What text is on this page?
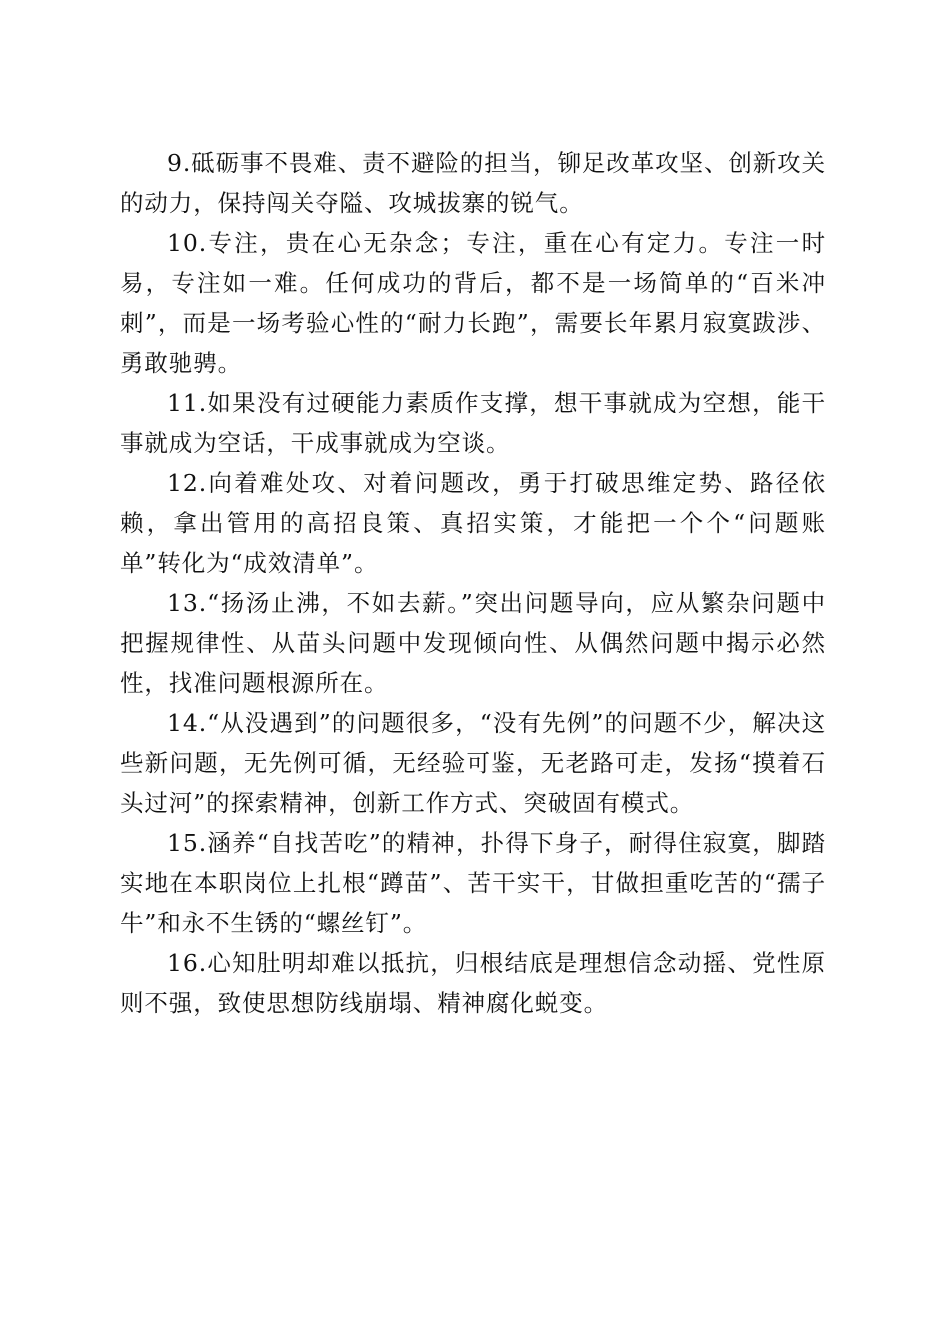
9.砥砺事不畏难、责不避险的担当，铆足改革攻坚、创新攻关的动力，保持闯关夺隘、攻城拔寨的锐气。

10.专注，贵在心无杂念；专注，重在心有定力。专注一时易，专注如一难。任何成功的背后，都不是一场简单的“百米冲刺”，而是一场考验心性的“耐力长跑”，需要长年累月寂寞跋涉、勇敢驰骋。

11.如果没有过硬能力素质作支撑，想干事就成为空想，能干事就成为空话，干成事就成为空谈。

12.向着难处攻、对着问题改，勇于打破思维定势、路径依赖，拿出管用的高招良策、真招实策，才能把一个个“问题账单”转化为“成效清单”。

13.“扬汤止沸，不如去薪。”突出问题导向，应从繁杂问题中把握规律性、从苗头问题中发现倾向性、从偶然问题中揭示必然性，找准问题根源所在。

14.“从没遇到”的问题很多，“没有先例”的问题不少，解决这些新问题，无先例可循，无经验可鉴，无老路可走，发扬“摸着石头过河”的探索精神，创新工作方式、突破固有模式。

15.涵养“自找苦吃”的精神，扑得下身子，耐得住寂寞，脚踏实地在本职岗位上扎根“蹲苗”、苦干实干，甘做担重吃苦的“孺子牛”和永不生锈的“螺丝钉”。

16.心知肚明却难以抵抗，归根结底是理想信念动摇、党性原则不强，致使思想防线崩塌、精神腐化蜕变。
